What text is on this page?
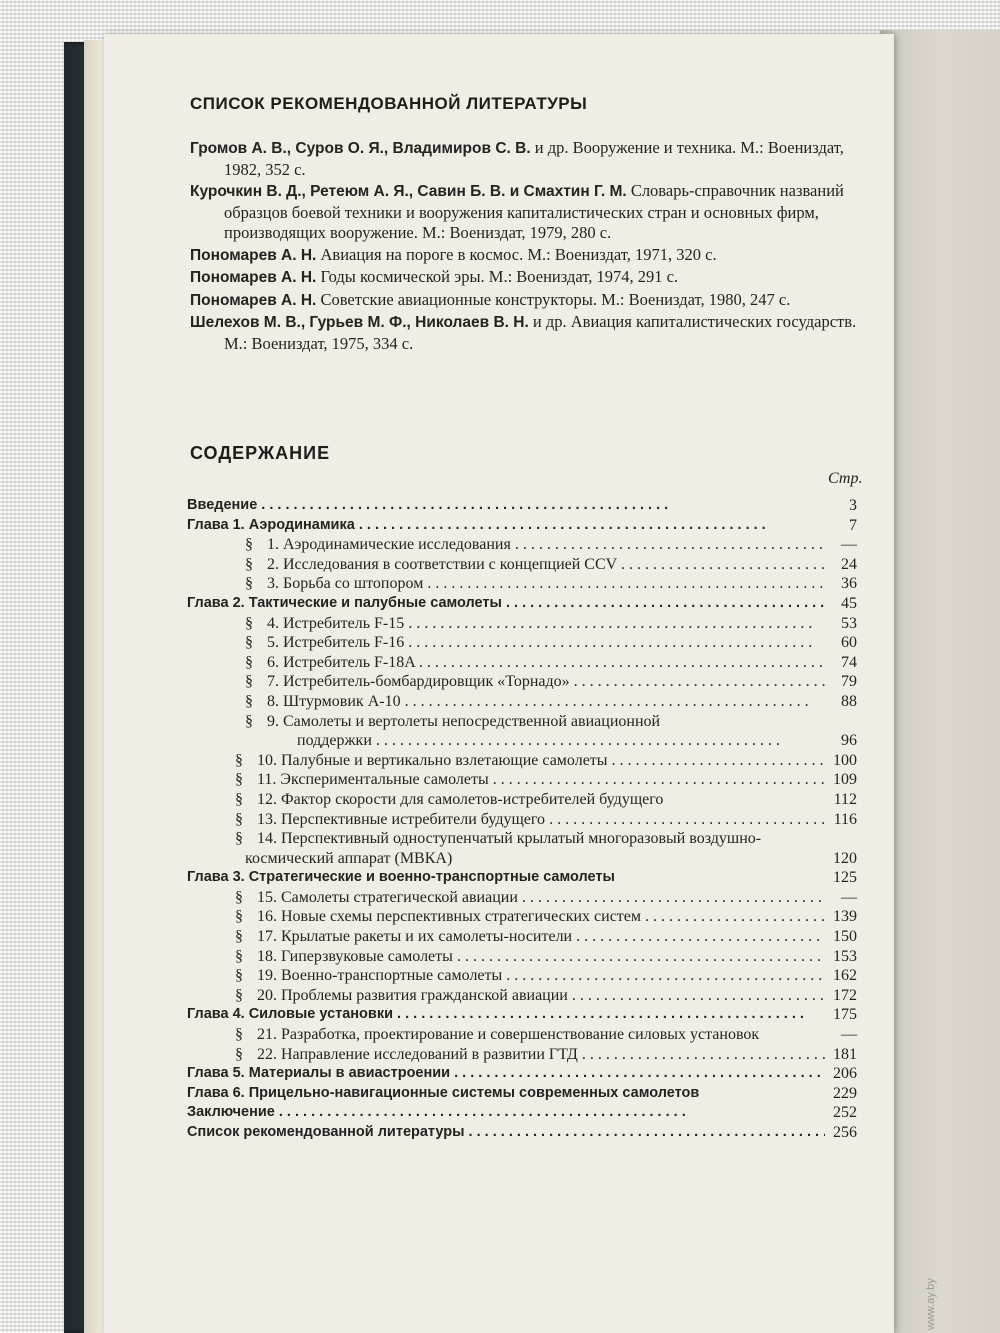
СПИСОК РЕКОМЕНДОВАННОЙ ЛИТЕРАТУРЫ
Громов А. В., Суров О. Я., Владимиров С. В. и др. Вооружение и техника. М.: Воениздат, 1982, 352 с.
Курочкин В. Д., Ретеюм А. Я., Савин Б. В. и Смахтин Г. М. Словарь-справочник названий образцов боевой техники и вооружения капиталистических стран и основных фирм, производящих вооружение. М.: Воениздат, 1979, 280 с.
Пономарев А. Н. Авиация на пороге в космос. М.: Воениздат, 1971, 320 с.
Пономарев А. Н. Годы космической эры. М.: Воениздат, 1974, 291 с.
Пономарев А. Н. Советские авиационные конструкторы. М.: Воениздат, 1980, 247 с.
Шелехов М. В., Гурьев М. Ф., Николаев В. Н. и др. Авиация капиталистических государств. М.: Воениздат, 1975, 334 с.
СОДЕРЖАНИЕ
Стр.
Введение . . .	3
Глава 1. Аэродинамика . . .	7
§ 1. Аэродинамические исследования . . .	—
§ 2. Исследования в соответствии с концепцией CCV . . .	24
§ 3. Борьба со штопором . . .	36
Глава 2. Тактические и палубные самолеты . . .	45
§ 4. Истребитель F-15 . . .	53
§ 5. Истребитель F-16 . . .	60
§ 6. Истребитель F-18A . . .	74
§ 7. Истребитель-бомбардировщик «Торнадо» . . .	79
§ 8. Штурмовик A-10 . . .	88
§ 9. Самолеты и вертолеты непосредственной авиационной
поддержки . . .	96
§ 10. Палубные и вертикально взлетающие самолеты . . .	100
§ 11. Экспериментальные самолеты . . .	109
§ 12. Фактор скорости для самолетов-истребителей будущего	112
§ 13. Перспективные истребители будущего . . .	116
§ 14. Перспективный одноступенчатый крылатый многоразовый воздушно-космический аппарат (МВКА)	120
Глава 3. Стратегические и военно-транспортные самолеты	125
§ 15. Самолеты стратегической авиации . . .	—
§ 16. Новые схемы перспективных стратегических систем . . .	139
§ 17. Крылатые ракеты и их самолеты-носители . . .	150
§ 18. Гиперзвуковые самолеты . . .	153
§ 19. Военно-транспортные самолеты . . .	162
§ 20. Проблемы развития гражданской авиации . . .	172
Глава 4. Силовые установки . . .	175
§ 21. Разработка, проектирование и совершенствование силовых установок	—
§ 22. Направление исследований в развитии ГТД . . .	181
Глава 5. Материалы в авиастроении . . .	206
Глава 6. Прицельно-навигационные системы современных самолетов	229
Заключение . . .	252
Список рекомендованной литературы . . .	256
www.ay.by
